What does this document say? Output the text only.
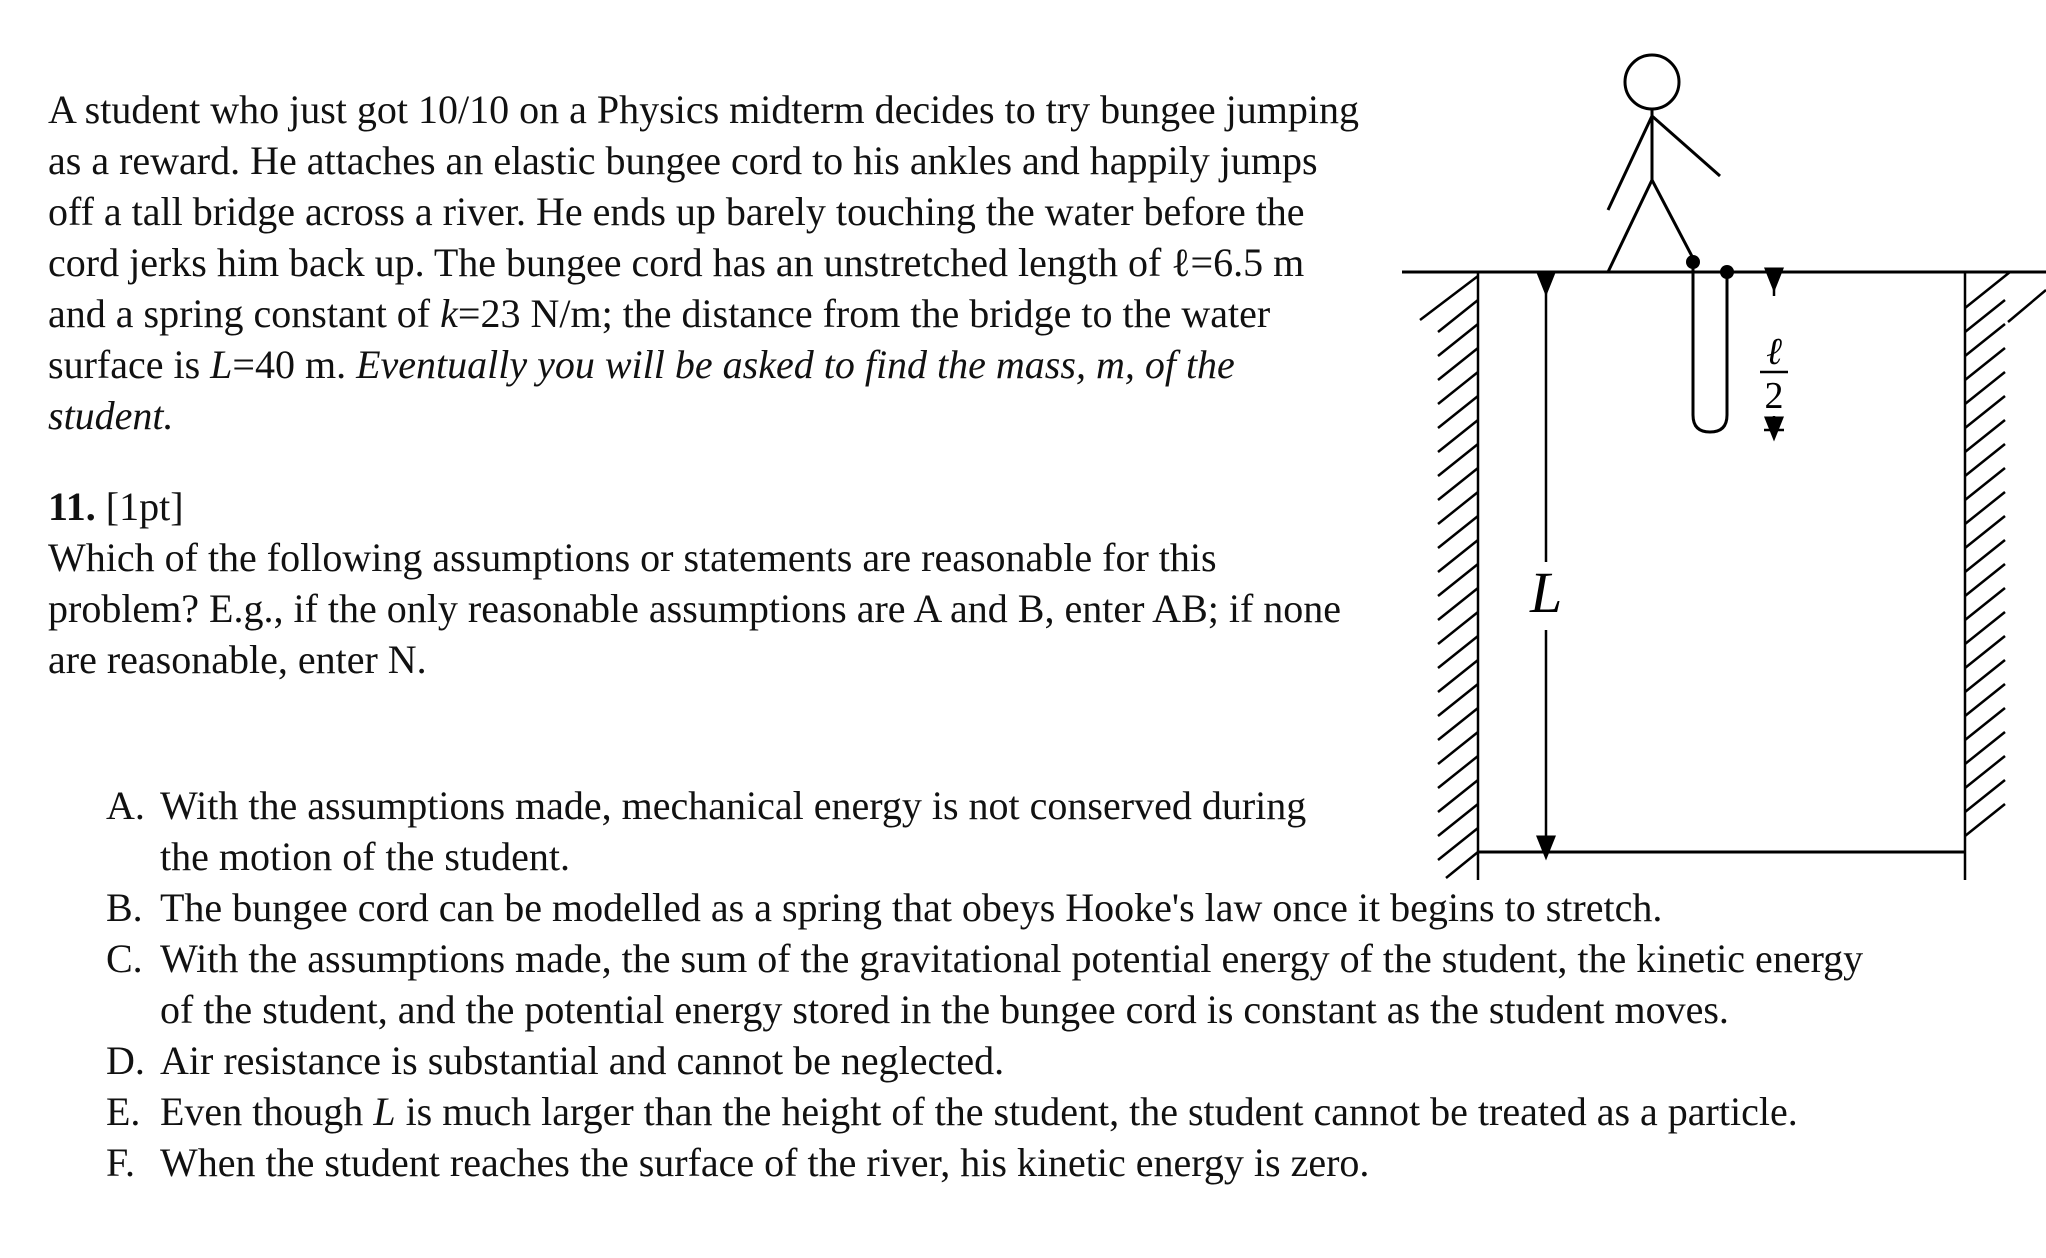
A student who just got 10/10 on a Physics midterm decides to try bungee jumping as a reward. He attaches an elastic bungee cord to his ankles and happily jumps off a tall bridge across a river. He ends up barely touching the water before the cord jerks him back up. The bungee cord has an unstretched length of ℓ=6.5 m and a spring constant of k=23 N/m; the distance from the bridge to the water surface is L=40 m. Eventually you will be asked to find the mass, m, of the student.

11. [1pt]
Which of the following assumptions or statements are reasonable for this problem? E.g., if the only reasonable assumptions are A and B, enter AB; if none are reasonable, enter N.
A. With the assumptions made, mechanical energy is not conserved during the motion of the student.
B. The bungee cord can be modelled as a spring that obeys Hooke's law once it begins to stretch.
C. With the assumptions made, the sum of the gravitational potential energy of the student, the kinetic energy
of the student, and the potential energy stored in the bungee cord is constant as the student moves.
D. Air resistance is substantial and cannot be neglected.
E. Even though L is much larger than the height of the student, the student cannot be treated as a particle.
F. When the student reaches the surface of the river, his kinetic energy is zero.
L
ℓ
2
